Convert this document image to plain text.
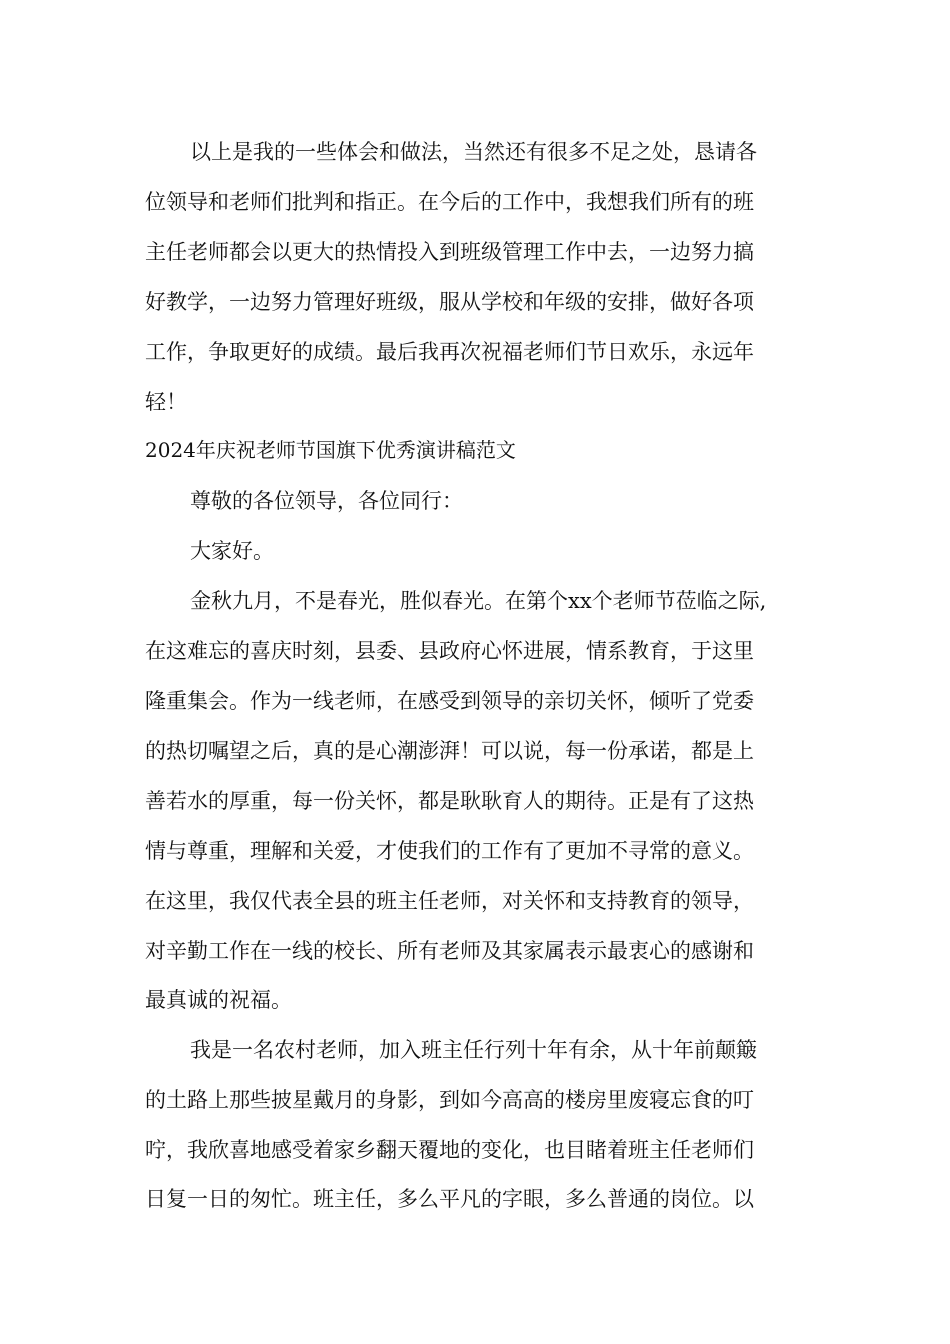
以上是我的一些体会和做法，当然还有很多不足之处，恳请各
位领导和老师们批判和指正。在今后的工作中，我想我们所有的班
主任老师都会以更大的热情投入到班级管理工作中去，一边努力搞
好教学，一边努力管理好班级，服从学校和年级的安排，做好各项
工作，争取更好的成绩。最后我再次祝福老师们节日欢乐，永远年
轻！
2024年庆祝老师节国旗下优秀演讲稿范文
尊敬的各位领导，各位同行：
大家好。
金秋九月，不是春光，胜似春光。在第个xx个老师节莅临之际,
在这难忘的喜庆时刻，县委、县政府心怀进展，情系教育，于这里
隆重集会。作为一线老师，在感受到领导的亲切关怀，倾听了党委
的热切嘱望之后，真的是心潮澎湃！可以说，每一份承诺，都是上
善若水的厚重，每一份关怀，都是耿耿育人的期待。正是有了这热
情与尊重，理解和关爱，才使我们的工作有了更加不寻常的意义。
在这里，我仅代表全县的班主任老师，对关怀和支持教育的领导，
对辛勤工作在一线的校长、所有老师及其家属表示最衷心的感谢和
最真诚的祝福。
我是一名农村老师，加入班主任行列十年有余，从十年前颠簸
的土路上那些披星戴月的身影，到如今高高的楼房里废寝忘食的叮
咛，我欣喜地感受着家乡翻天覆地的变化，也目睹着班主任老师们
日复一日的匆忙。班主任，多么平凡的字眼，多么普通的岗位。以
